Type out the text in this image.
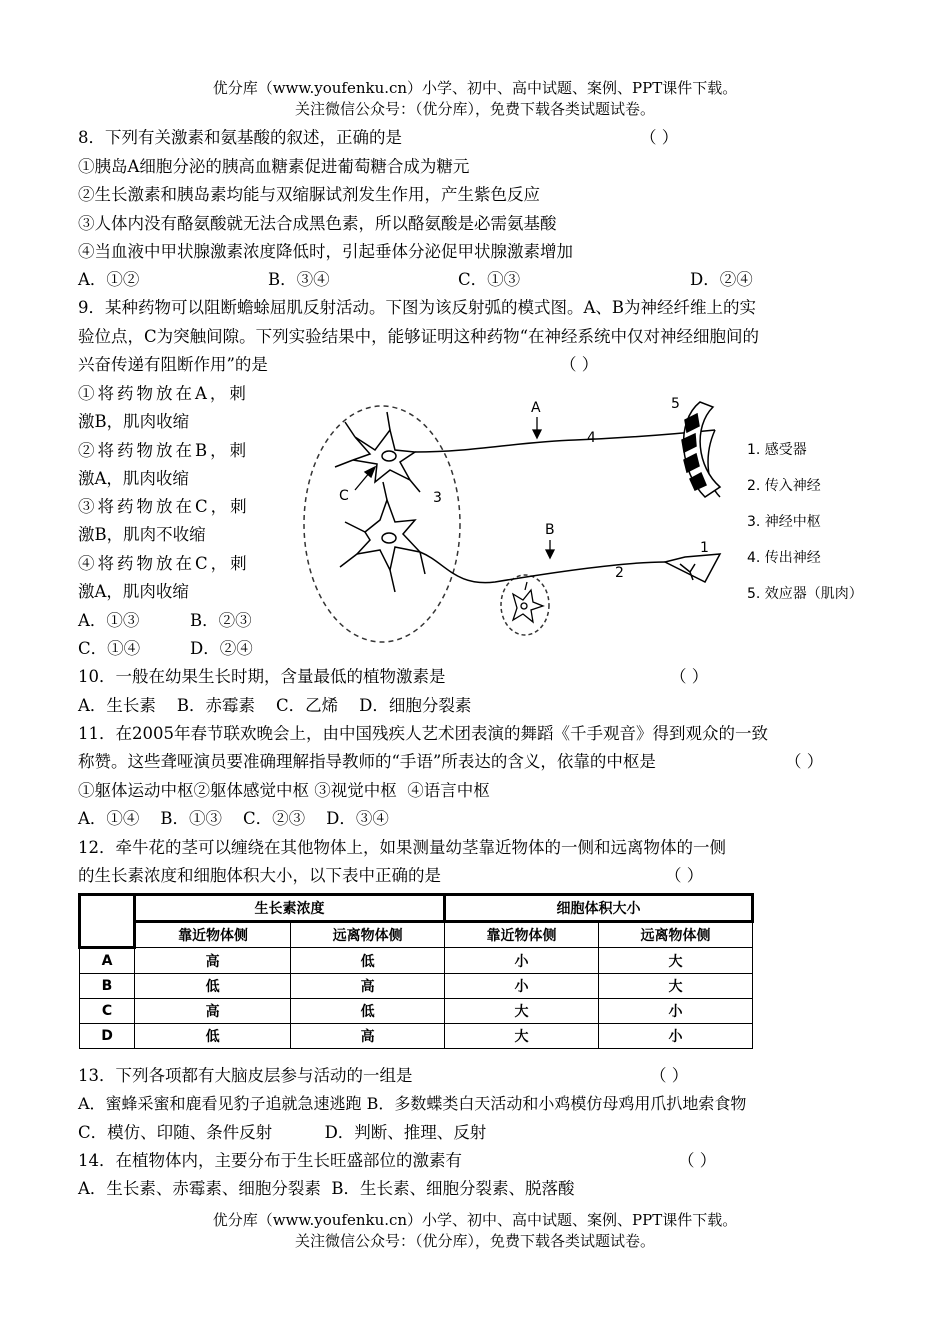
优分库（www.youfenku.cn）小学、初中、高中试题、案例、PPT课件下载。
关注微信公众号：（优分库），免费下载各类试题试卷。
8．下列有关激素和氨基酸的叙述，正确的是	（ ）
①胰岛A细胞分泌的胰高血糖素促进葡萄糖合成为糖元
②生长激素和胰岛素均能与双缩脲试剂发生作用，产生紫色反应
③人体内没有酪氨酸就无法合成黑色素，所以酪氨酸是必需氨基酸
④当血液中甲状腺激素浓度降低时，引起垂体分泌促甲状腺激素增加
A．①②	B．③④	C．①③	D．②④
9．某种药物可以阻断蟾蜍屈肌反射活动。下图为该反射弧的模式图。A、B为神经纤维上的实
验位点，C为突触间隙。下列实验结果中，能够证明这种药物“在神经系统中仅对神经细胞间的
兴奋传递有阻断作用”的是	（ ）
①将药物放在A，刺
激B，肌肉收缩
②将药物放在B，刺
激A，肌肉收缩
③将药物放在C，刺
激B，肌肉不收缩
④将药物放在C，刺
激A，肌肉收缩
A．①③	B．②③
C．①④	D．②④
A
B
C
1
2
3
4
5
1. 感受器
2. 传入神经
3. 神经中枢
4. 传出神经
5. 效应器（肌肉）
10．一般在幼果生长时期，含量最低的植物激素是	（ ）
A．生长素    B．赤霉素    C．乙烯    D．细胞分裂素
11．在2005年春节联欢晚会上，由中国残疾人艺术团表演的舞蹈《千手观音》得到观众的一致
称赞。这些聋哑演员要准确理解指导教师的“手语”所表达的含义，依靠的中枢是	（ ）
①躯体运动中枢②躯体感觉中枢 ③视觉中枢  ④语言中枢
A．①④    B．①③    C．②③    D．③④
12．牵牛花的茎可以缠绕在其他物体上，如果测量幼茎靠近物体的一侧和远离物体的一侧
的生长素浓度和细胞体积大小，以下表中正确的是	（ ）
	生长素浓度		细胞体积大小	
	靠近物体侧	远离物体侧	靠近物体侧	远离物体侧
A	高	低	小	大
B	低	高	小	大
C	高	低	大	小
D	低	高	大	小
13．下列各项都有大脑皮层参与活动的一组是	（ ）
A．蜜蜂采蜜和鹿看见豹子追就急速逃跑 B．多数蝶类白天活动和小鸡模仿母鸡用爪扒地索食物
C．模仿、印随、条件反射          D．判断、推理、反射
14．在植物体内，主要分布于生长旺盛部位的激素有	（ ）
A．生长素、赤霉素、细胞分裂素  B．生长素、细胞分裂素、脱落酸
优分库（www.youfenku.cn）小学、初中、高中试题、案例、PPT课件下载。
关注微信公众号：（优分库），免费下载各类试题试卷。
